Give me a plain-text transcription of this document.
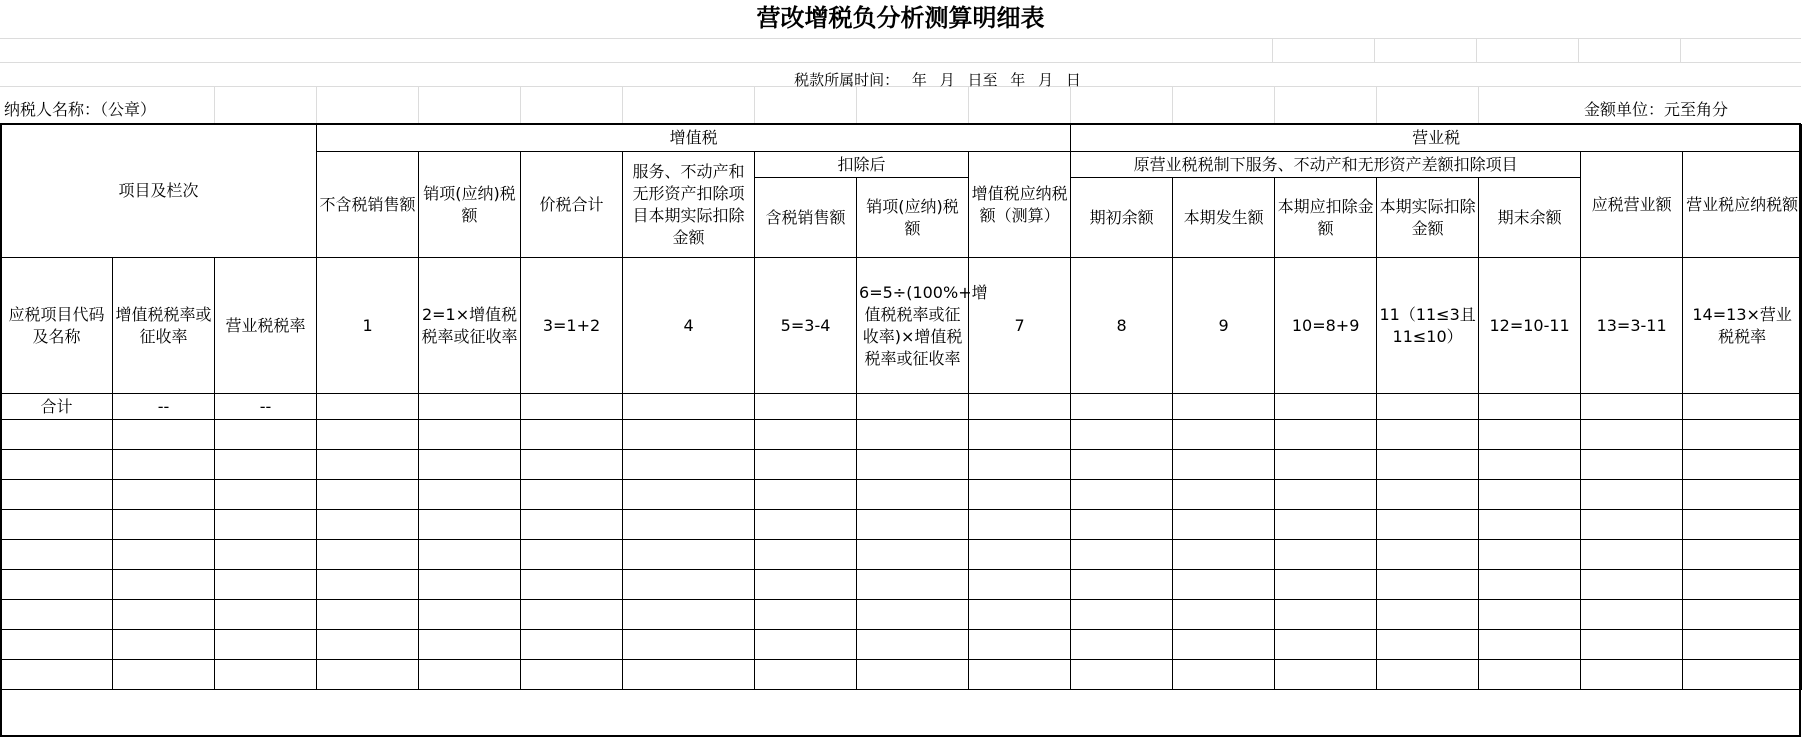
营改增税负分析测算明细表
税款所属时间： 年 月 日至 年 月 日
纳税人名称：（公章）	金额单位：元至角分
项目及栏次			增值税							营业税						
			不含税销售额	销项(应纳)税额	价税合计	服务、不动产和无形资产扣除项目本期实际扣除金额	扣除后		增值税应纳税额（测算）	原营业税税制下服务、不动产和无形资产差额扣除项目					应税营业额	营业税应纳税额
							含税销售额	销项(应纳)税额		期初余额	本期发生额	本期应扣除金额	本期实际扣除金额	期末余额		

应税项目代码及名称	增值税税率或征收率	营业税税率	1	2=1×增值税税率或征收率	3=1+2	4	5=3-4	6=5÷(100%+增值税税率或征收率)×增值税税率或征收率	7	8	9	10=8+9	11（11≤3且11≤10）	12=10-11	13=3-11	14=13×营业税税率
合计	--	--														
